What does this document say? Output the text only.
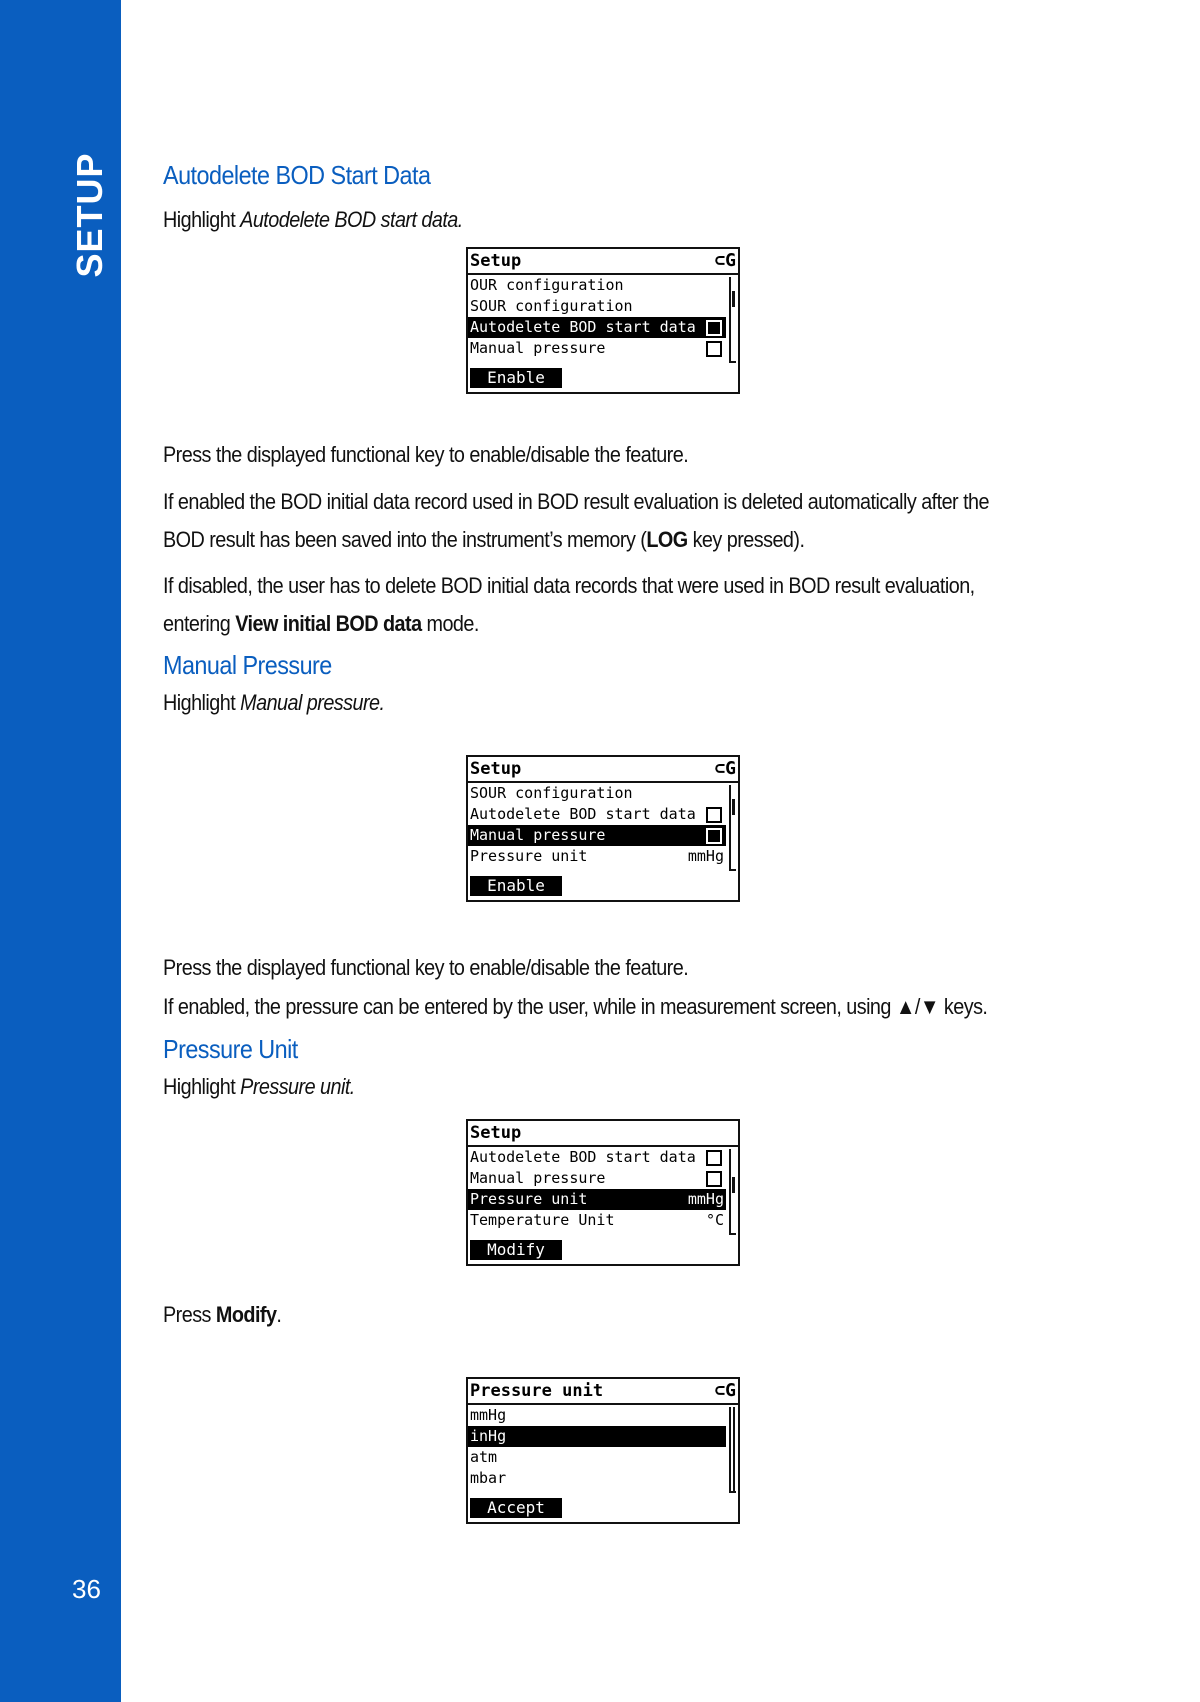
SETUP
36
Autodelete BOD Start Data
Highlight Autodelete BOD start data.
Setup	⊂G
OUR configuration
SOUR configuration
Autodelete BOD start data
Manual pressure
Enable
Press the displayed functional key to enable/disable the feature.
If enabled the BOD initial data record used in BOD result evaluation is deleted automatically after the
BOD result has been saved into the instrument’s memory (LOG key pressed).
If disabled, the user has to delete BOD initial data records that were used in BOD result evaluation,
entering View initial BOD data mode.
Manual Pressure
Highlight Manual pressure.
Setup	⊂G
SOUR configuration
Autodelete BOD start data
Manual pressure
Pressure unit	mmHg
Enable
Press the displayed functional key to enable/disable the feature.
If enabled, the pressure can be entered by the user, while in measurement screen, using ▲/▼ keys.
Pressure Unit
Highlight Pressure unit.
Setup
Autodelete BOD start data
Manual pressure
Pressure unit	mmHg
Temperature Unit	°C
Modify
Press Modify.
Pressure unit	⊂G
mmHg
inHg
atm
mbar
Accept
